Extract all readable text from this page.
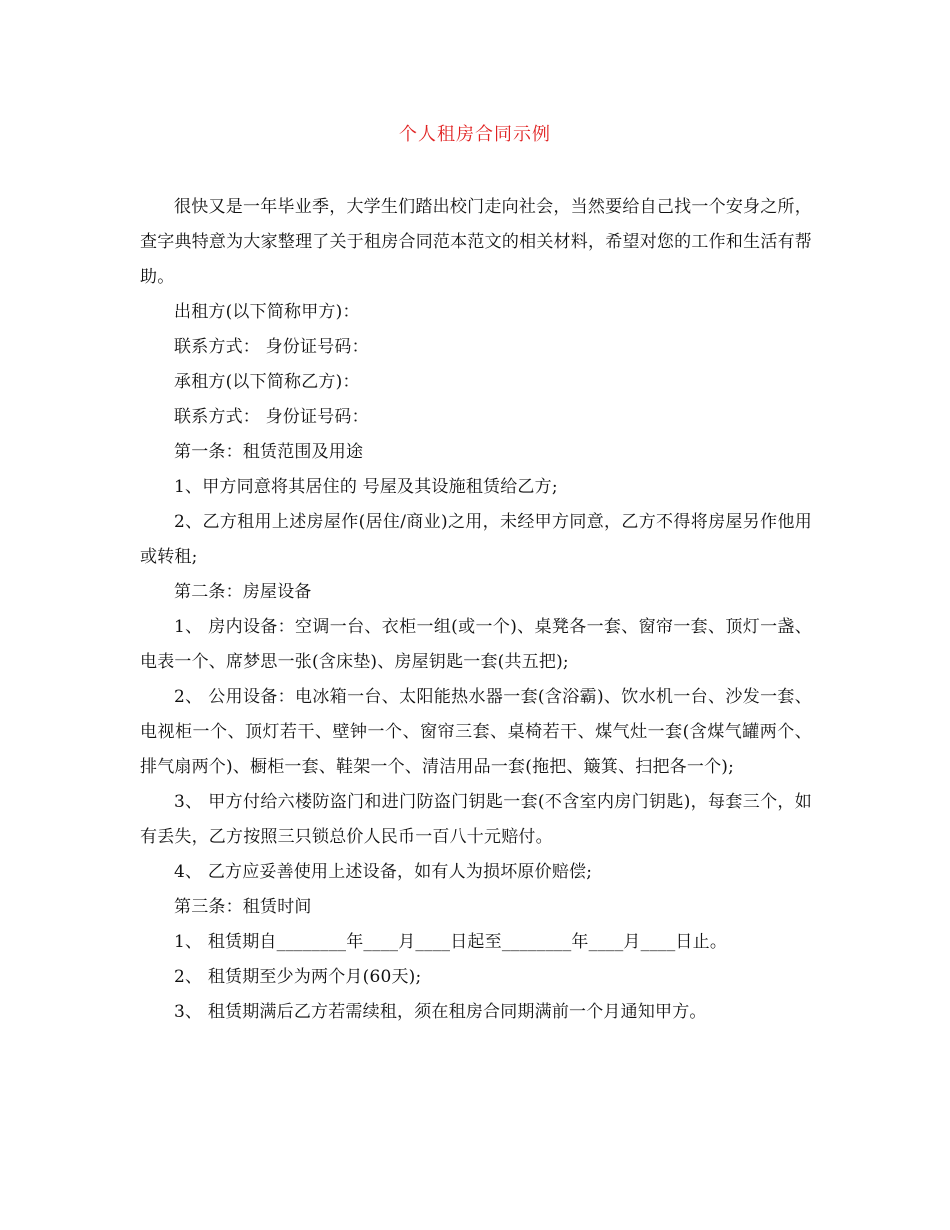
个人租房合同示例

很快又是一年毕业季，大学生们踏出校门走向社会，当然要给自己找一个安身之所，查字典特意为大家整理了关于租房合同范本范文的相关材料，希望对您的工作和生活有帮助。

出租方(以下简称甲方)：

联系方式： 身份证号码：

承租方(以下简称乙方)：

联系方式： 身份证号码：

第一条：租赁范围及用途

1、甲方同意将其居住的 号屋及其设施租赁给乙方;

2、乙方租用上述房屋作(居住/商业)之用，未经甲方同意，乙方不得将房屋另作他用或转租;

第二条：房屋设备

1、 房内设备：空调一台、衣柜一组(或一个)、桌凳各一套、窗帘一套、顶灯一盏、电表一个、席梦思一张(含床垫)、房屋钥匙一套(共五把);

2、 公用设备：电冰箱一台、太阳能热水器一套(含浴霸)、饮水机一台、沙发一套、电视柜一个、顶灯若干、壁钟一个、窗帘三套、桌椅若干、煤气灶一套(含煤气罐两个、排气扇两个)、橱柜一套、鞋架一个、清洁用品一套(拖把、簸箕、扫把各一个);

3、 甲方付给六楼防盗门和进门防盗门钥匙一套(不含室内房门钥匙)，每套三个，如有丢失，乙方按照三只锁总价人民币一百八十元赔付。

4、 乙方应妥善使用上述设备，如有人为损坏原价赔偿;

第三条：租赁时间

1、 租赁期自________年____月____日起至________年____月____日止。

2、 租赁期至少为两个月(60天);

3、 租赁期满后乙方若需续租，须在租房合同期满前一个月通知甲方。
